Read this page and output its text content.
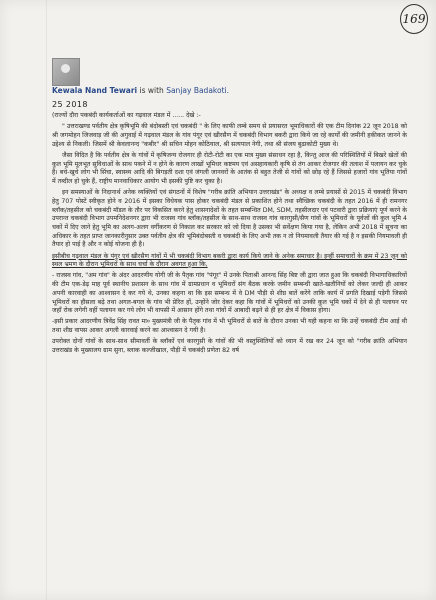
169
Kewala Nand Tewari is with Sanjay Badakoti.
25 2018

(राज्यों दौरा पकबंदी कार्यकर्ताओं का गढ़वाल मंडल में ...... देखे :-

" उत्तराखण्ड पर्वतीय क्षेत्र कृषिभूमि की बंदोबस्ती एवं चकबंदी " के लिए काफी लम्बे समय से प्रयासरत भूमाधिकारों की एक टीम दिनांक 22 जून 2018 को श्री जगमोहन जिजवाड़ जी की अगुवाई में गढ़वाल मंडल के गांव पंगूर एवं खीरसैण में चकबंदी विभाग बकरी द्वारा किये जा रहे कार्यों की जमीनी हकीकत जानने के उद्देश्य से निकली। जिसमें श्री केवलानन्द "कबीर" श्री सचिन मोहन कोठियाल, श्री सत्यपाल नेगी, तथा श्री संजय बुढाकोटी मुख्य थे।

जैसा विदित है कि पर्वतीय क्षेत्र के गांवों में कृषिजन्य रोजगार ही रोटी-रोटी का एक मात्र मुख्य संसाधन रहा है, किन्तु आज की परिस्थितियों में बिखरे खेतों की कुल भूमि मूलभूत सुविधाओं के साथ पकने में न होने के कारण लाखों भूमिधर कष्टमय एवं असहायकारी कृषि से तंग आकर रोजगार की तलाश में पलायन कर चुके हैं। बचे-खुचे लोग भी सिंचा, स्वास्थ्य आदि की बिगड़ती दशा एवं जंगली जानवरों के आतंक से बहुत तेजी से गांवों को छोड़ रहे हैं जिससे हजारों गांव भूतिया गांवों में तब्दील हो चुके हैं, राष्ट्रीय मानवाधिकार आयोग भी इसकी पुष्टि कर चुका है।

इन समस्याओं के निदानार्थ अनेक व्यक्तियों एवं संगठनों में विशेष "गरीब क्रांति अभियान उत्तराखंड" के अध्यक्ष व लम्बे प्रयासों से 2015 में चकबंदी विभाग हेतु 707 पोस्टें स्वीकृत होने व 2016 में इसका विधेयक पास होकर चकबंदी मंडल से प्रकाशित होने तथा स्वैच्छिक चकबंदी के तहत 2016 में ही रामनगर ब्लॉक/तहसील को चकबंदी मॉडल के तौर पर विकसित करने हेतु शासनादेशों के तहत सम्बन्धित DM, SDM, तहसीलदार एवं पटवारी द्वारा प्रक्रियाएं पूर्ण करने के उपरान्त चकबंदी विभाग उपमनिदेशनगर द्वारा भी राजस्व गांव ब्लॉक/तहसील के साथ-साथ राजस्व गांव कारगुसी/सैण गांवों के भूमिधरों के पूर्वजों की कुल भूमि 4 चकों में दिए जाने हेतु भूमि का अलग-अलग वर्गीकरण से निकाल कर सरकार को जो दिया है उसका भी सर्वेक्षण किया गया है, लेकिन अभी 2018 में सूचना का अधिकार के तहत प्राप्त जानकारीनुसार उक्त पर्वतीय क्षेत्र की भूमिबंदोबस्ती व चकबंदी के लिए अभी तक न तो नियमावली तैयार की गई है न इसकी नियमावली ही तैयार हो पाई है और न कोई योजना ही है।

इसीबीच गढ़वाल मंडल के पंगूर एवं खीरसैण गांवों में भी चकबंदी विभाग बकरी द्वारा कार्य किये जाने के अनेक समाचार है। इन्हीं समाचारों के क्रम में 23 जून को स्थल भ्रमण के दौरान भूमिधरों के साथ चर्चा के दौरान अवगत हुआ कि,

- राजस्व गांव, "अम गांव" के अंदर आदरणीय योगी जी के पैतृक गांव "पंगूर" में उनके पिताश्री आनन्द सिंह बिष्ट जी द्वारा जात हुआ कि चकबंदी विभागाधिकारियों की टीम एक-डेढ़ माह पूर्व स्थानीय प्रशासन के साथ गांव में ग्रामप्रधान व भूमिधरों संग बैठक करके जमीन सम्बन्धी खाते-खतौनियों को लेकर जल्दी ही आकर अपनी कारवाही का आश्वासन दे कर गये थे, उनका कहना था कि इस सम्बन्ध में वे DM पौड़ी से शीघ्र बातें करेंगे ताकि कार्य में प्रगति दिखाई पड़ेगी जिससे भूमिधरों का हौसला बढ़े तथा अगल-बगल के गांव भी प्रेरित हों, उन्होंने जोर देकर कहा कि गांवों में भूमिधरों को उनकी कुल भूमि चकों में देने से ही पलायन पर जहाँ रोक लगेगी वहीं पलायन कर गये लोग भी वापसी में आसान होंगे तथा गांवों में आबादी बढ़ने से ही हर क्षेत्र में विकास होगा।

-इसी प्रकार आदरणीय त्रिवेंद्र सिंह रावत मा० मुख्यमंत्री जी के पैतृक गांव में भी भूमिधरों से बातें के दौरान उनका भी यही कहना था कि उन्हें चकबंदी टीम आई थी तथा शीघ्र वापस आकर अगली कारवाई करने का आश्वासन दे गयी है।

उपरोक्त दोनों गांवों के साथ-साथ सीमावर्ती के ब्लॉकों एवं कारगुसी के गांवों की भी वस्तुस्थितियों को ध्यान में रख कर 24 जून को "गरीब क्रांति अभियान उत्तराखंड के मुख्यालय ग्राम सुना, ब्लाक कल्जीखाल, पौड़ी में चकबंदी प्रणेता 82 वर्ष
